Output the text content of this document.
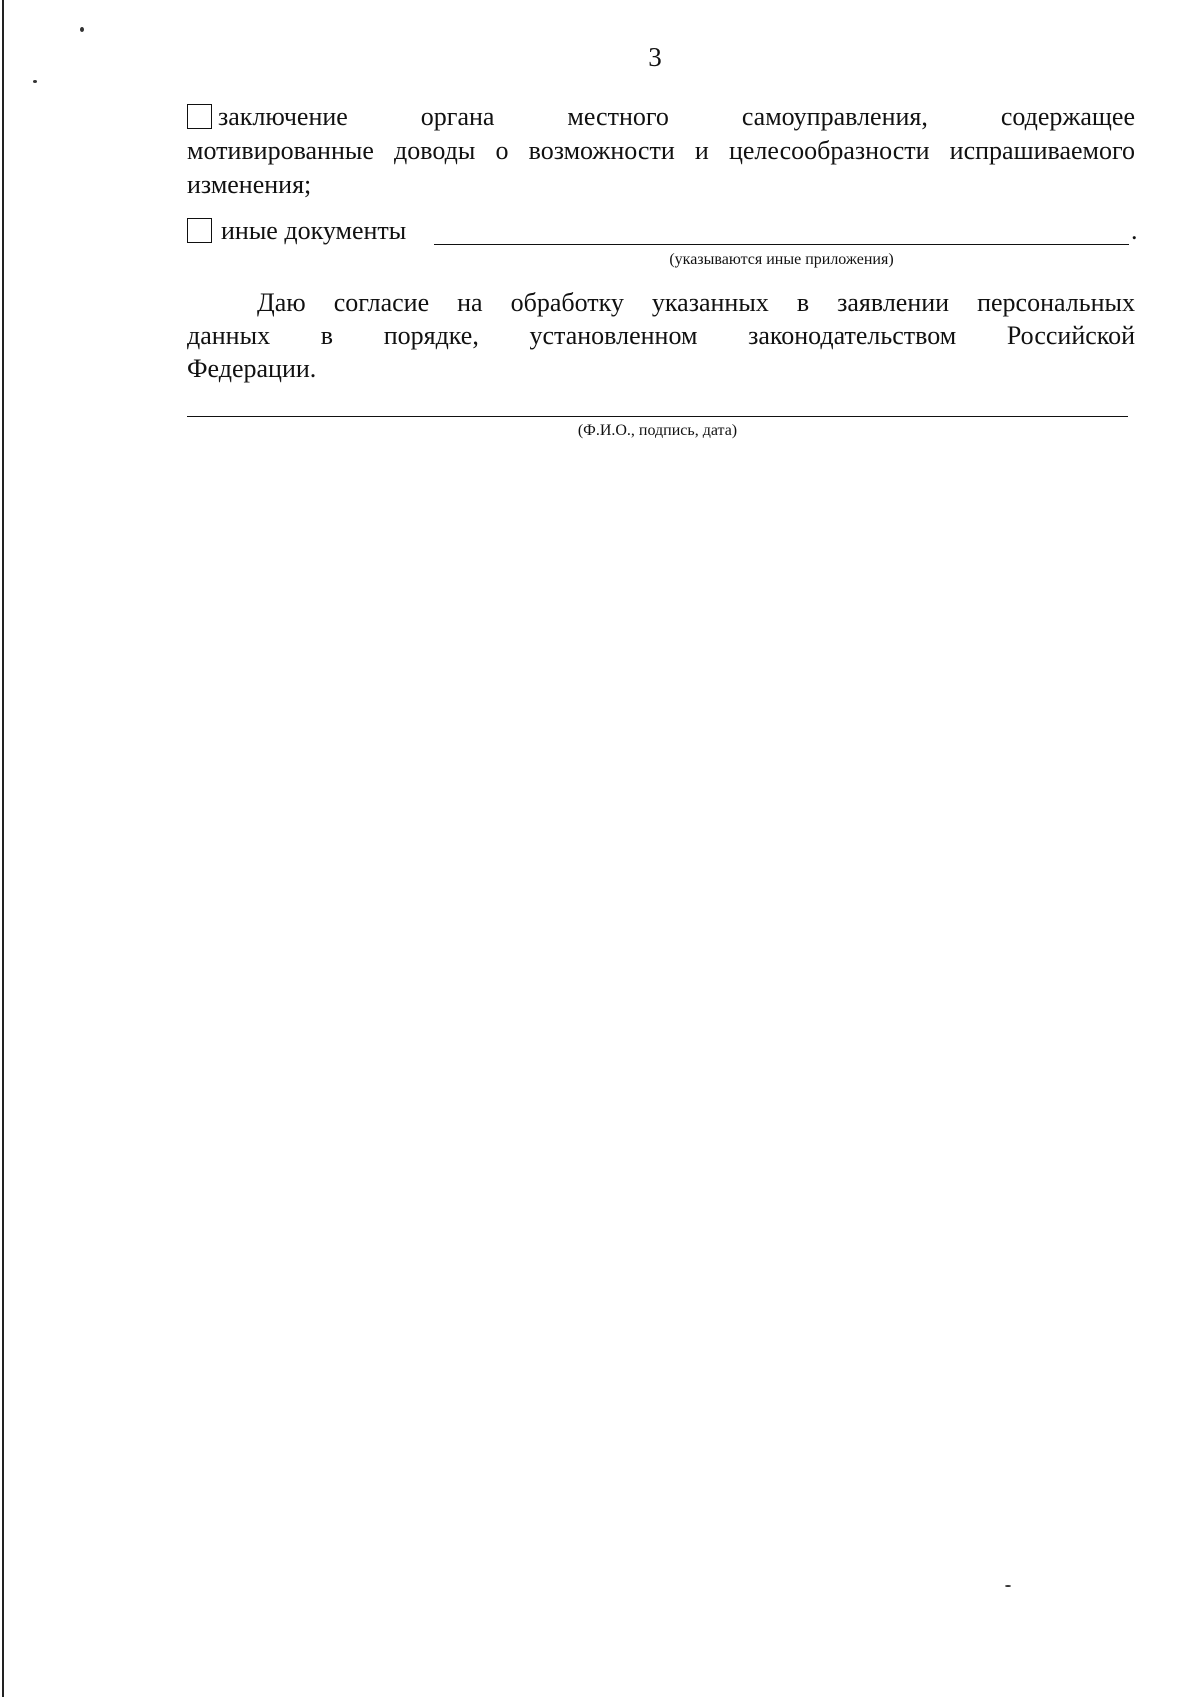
3
заключение органа местного самоуправления, содержащее
мотивированные доводы о возможности и целесообразности испрашиваемого
изменения;
иные документы	.
(указываются иные приложения)
Даю согласие на обработку указанных в заявлении персональных
данных в порядке, установленном законодательством Российской
Федерации.
(Ф.И.О., подпись, дата)
